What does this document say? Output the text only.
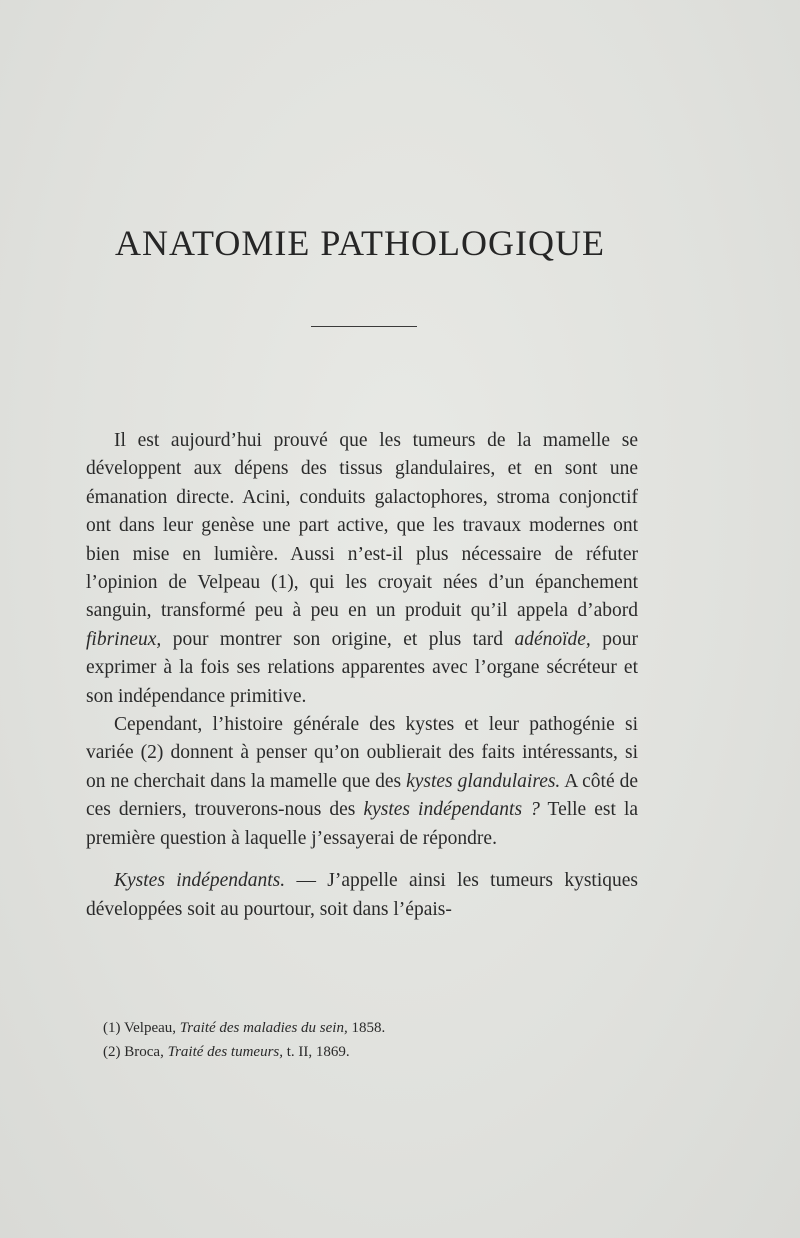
ANATOMIE PATHOLOGIQUE

Il est aujourd’hui prouvé que les tumeurs de la mamelle se développent aux dépens des tissus glandulaires, et en sont une émanation directe. Acini, conduits galactophores, stroma conjonctif ont dans leur genèse une part active, que les travaux modernes ont bien mise en lumière. Aussi n’est-il plus nécessaire de réfuter l’opinion de Velpeau (1), qui les croyait nées d’un épanchement sanguin, transformé peu à peu en un produit qu’il appela d’abord fibrineux, pour montrer son origine, et plus tard adénoïde, pour exprimer à la fois ses relations apparentes avec l’organe sécréteur et son indépendance primitive.

Cependant, l’histoire générale des kystes et leur pathogénie si variée (2) donnent à penser qu’on oublierait des faits intéressants, si on ne cherchait dans la mamelle que des kystes glandulaires. A côté de ces derniers, trouverons-nous des kystes indépendants ? Telle est la première question à laquelle j’essayerai de répondre.

Kystes indépendants. — J’appelle ainsi les tumeurs kystiques développées soit au pourtour, soit dans l’épais-

(1) Velpeau, Traité des maladies du sein, 1858.
(2) Broca, Traité des tumeurs, t. II, 1869.
